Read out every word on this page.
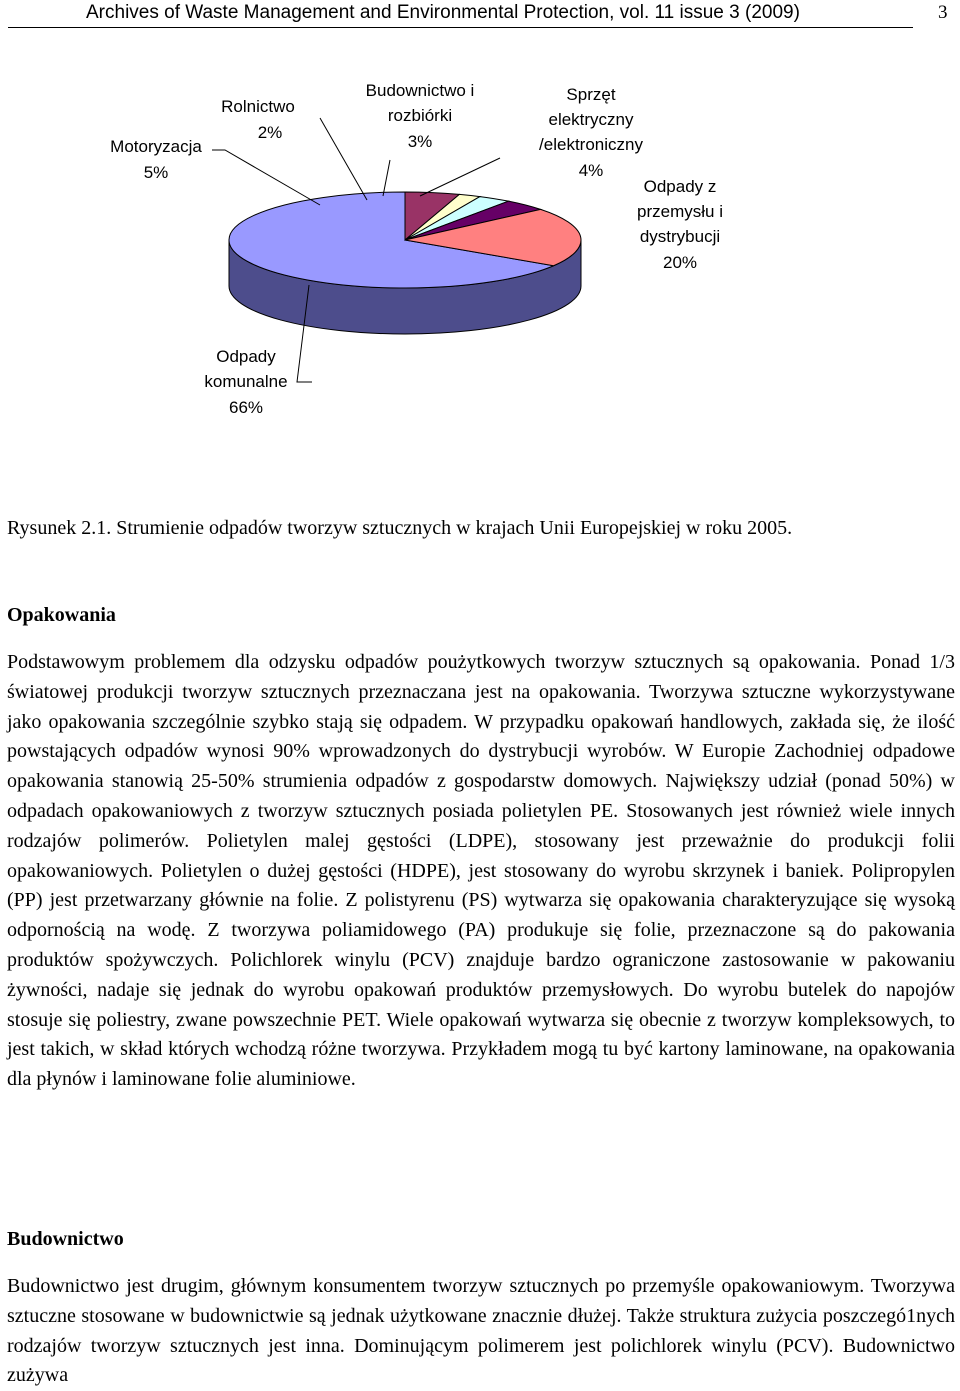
Archives of Waste Management and Environmental Protection, vol. 11 issue 3 (2009)	3
Motoryzacja 5%
Rolnictwo 2%
Budownictwo i rozbiórki 3%
Sprzęt elektryczny /elektroniczny 4%
Odpady z przemysłu i dystrybucji 20%
Odpady komunalne 66%

Rysunek 2.1. Strumienie odpadów tworzyw sztucznych w krajach Unii Europejskiej w roku 2005.

Opakowania

Podstawowym problemem dla odzysku odpadów poużytkowych tworzyw sztucznych są opakowania. Ponad 1/3 światowej produkcji tworzyw sztucznych przeznaczana jest na opakowania. Tworzywa sztuczne wykorzystywane jako opakowania szczególnie szybko stają się odpadem. W przypadku opakowań handlowych, zakłada się, że ilość powstających odpadów wynosi 90% wprowadzonych do dystrybucji wyrobów. W Europie Zachodniej odpadowe opakowania stanowią 25-50% strumienia odpadów z gospodarstw domowych. Największy udział (ponad 50%) w odpadach opakowaniowych z tworzyw sztucznych posiada polietylen PE. Stosowanych jest również wiele innych rodzajów polimerów. Polietylen malej gęstości (LDPE), stosowany jest przeważnie do produkcji folii opakowaniowych. Polietylen o dużej gęstości (HDPE), jest stosowany do wyrobu skrzynek i baniek. Polipropylen (PP) jest przetwarzany głównie na folie. Z polistyrenu (PS) wytwarza się opakowania charakteryzujące się wysoką odpornością na wodę. Z tworzywa poliamidowego (PA) produkuje się folie, przeznaczone są do pakowania produktów spożywczych. Polichlorek winylu (PCV) znajduje bardzo ograniczone zastosowanie w pakowaniu żywności, nadaje się jednak do wyrobu opakowań produktów przemysłowych. Do wyrobu butelek do napojów stosuje się poliestry, zwane powszechnie PET. Wiele opakowań wytwarza się obecnie z tworzyw kompleksowych, to jest takich, w skład których wchodzą różne tworzywa. Przykładem mogą tu być kartony laminowane, na opakowania dla płynów i laminowane folie aluminiowe.

Budownictwo

Budownictwo jest drugim, głównym konsumentem tworzyw sztucznych po przemyśle opakowaniowym. Tworzywa sztuczne stosowane w budownictwie są jednak użytkowane znacznie dłużej. Także struktura zużycia poszczegó1nych rodzajów tworzyw sztucznych jest inna. Dominującym polimerem jest polichlorek winylu (PCV). Budownictwo zużywa
